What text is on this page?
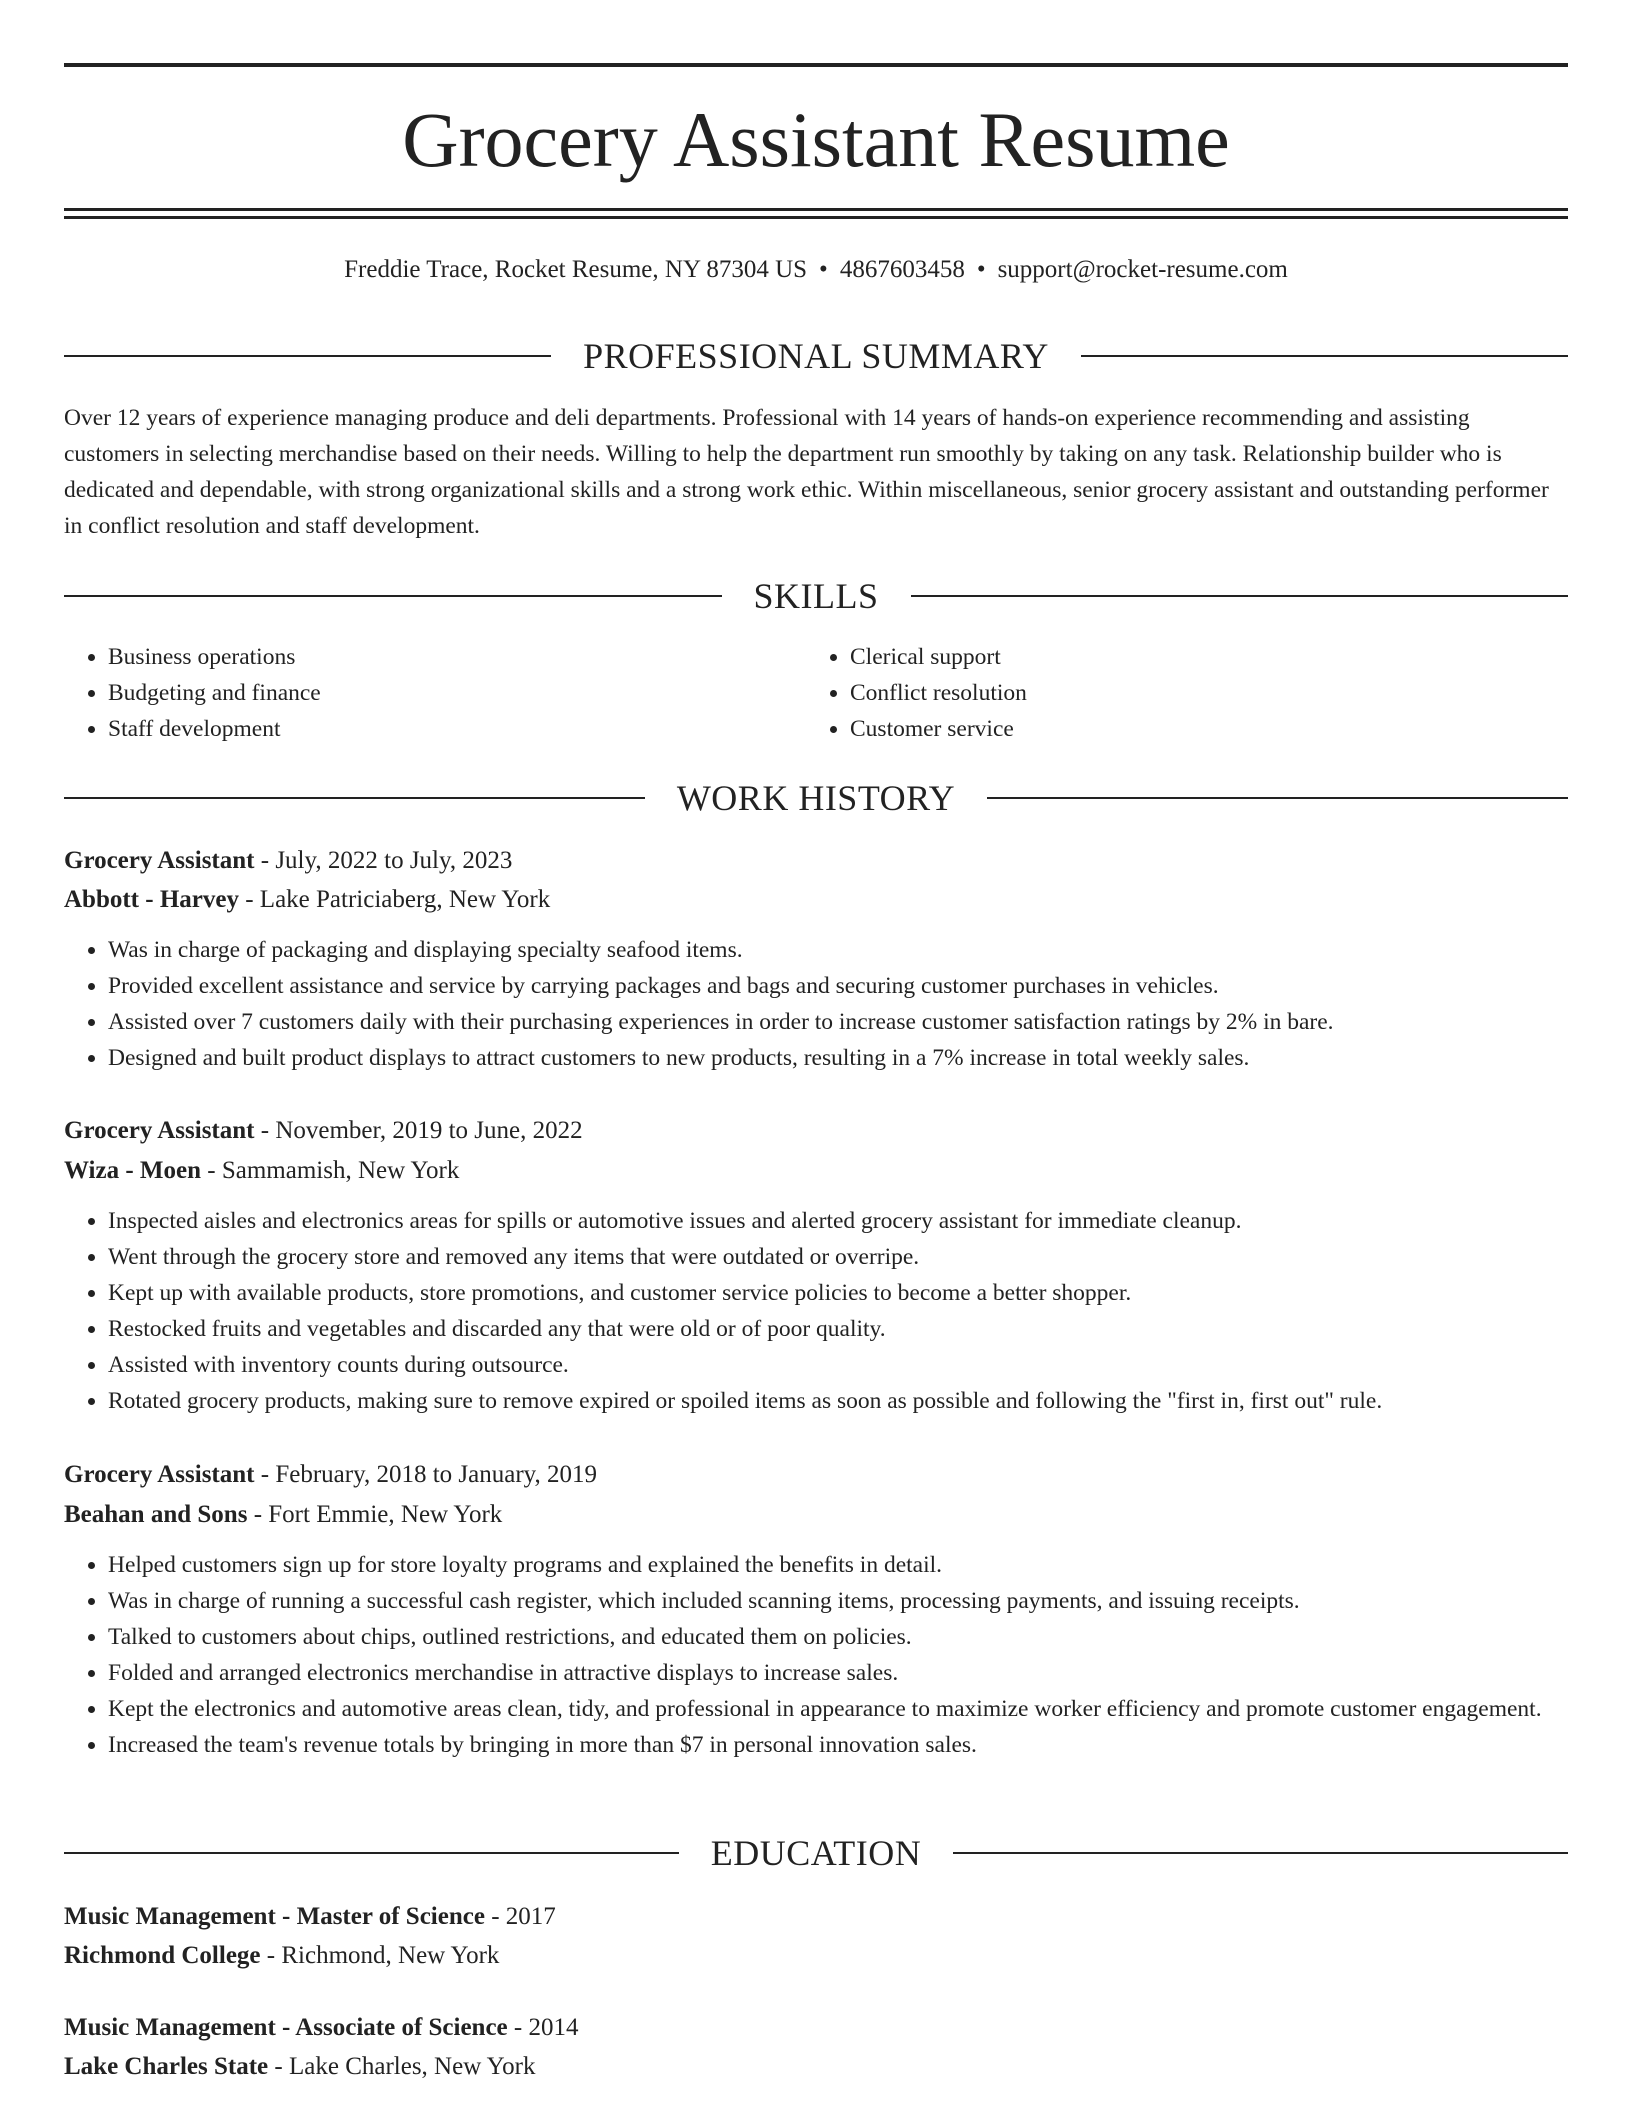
Grocery Assistant Resume
Freddie Trace, Rocket Resume, NY 87304 US • 4867603458 • support@rocket-resume.com
PROFESSIONAL SUMMARY

Over 12 years of experience managing produce and deli departments. Professional with 14 years of hands-on experience recommending and assisting customers in selecting merchandise based on their needs. Willing to help the department run smoothly by taking on any task. Relationship builder who is dedicated and dependable, with strong organizational skills and a strong work ethic. Within miscellaneous, senior grocery assistant and outstanding performer in conflict resolution and staff development.

SKILLS
• Business operations
• Budgeting and finance
• Staff development
• Clerical support
• Conflict resolution
• Customer service
WORK HISTORY
Grocery Assistant - July, 2022 to July, 2023
Abbott - Harvey - Lake Patriciaberg, New York
• Was in charge of packaging and displaying specialty seafood items.
• Provided excellent assistance and service by carrying packages and bags and securing customer purchases in vehicles.
• Assisted over 7 customers daily with their purchasing experiences in order to increase customer satisfaction ratings by 2% in bare.
• Designed and built product displays to attract customers to new products, resulting in a 7% increase in total weekly sales.
Grocery Assistant - November, 2019 to June, 2022
Wiza - Moen - Sammamish, New York
• Inspected aisles and electronics areas for spills or automotive issues and alerted grocery assistant for immediate cleanup.
• Went through the grocery store and removed any items that were outdated or overripe.
• Kept up with available products, store promotions, and customer service policies to become a better shopper.
• Restocked fruits and vegetables and discarded any that were old or of poor quality.
• Assisted with inventory counts during outsource.
• Rotated grocery products, making sure to remove expired or spoiled items as soon as possible and following the "first in, first out" rule.
Grocery Assistant - February, 2018 to January, 2019
Beahan and Sons - Fort Emmie, New York
• Helped customers sign up for store loyalty programs and explained the benefits in detail.
• Was in charge of running a successful cash register, which included scanning items, processing payments, and issuing receipts.
• Talked to customers about chips, outlined restrictions, and educated them on policies.
• Folded and arranged electronics merchandise in attractive displays to increase sales.
• Kept the electronics and automotive areas clean, tidy, and professional in appearance to maximize worker efficiency and promote customer engagement.
• Increased the team's revenue totals by bringing in more than $7 in personal innovation sales.
EDUCATION
Music Management - Master of Science - 2017
Richmond College - Richmond, New York
Music Management - Associate of Science - 2014
Lake Charles State - Lake Charles, New York
